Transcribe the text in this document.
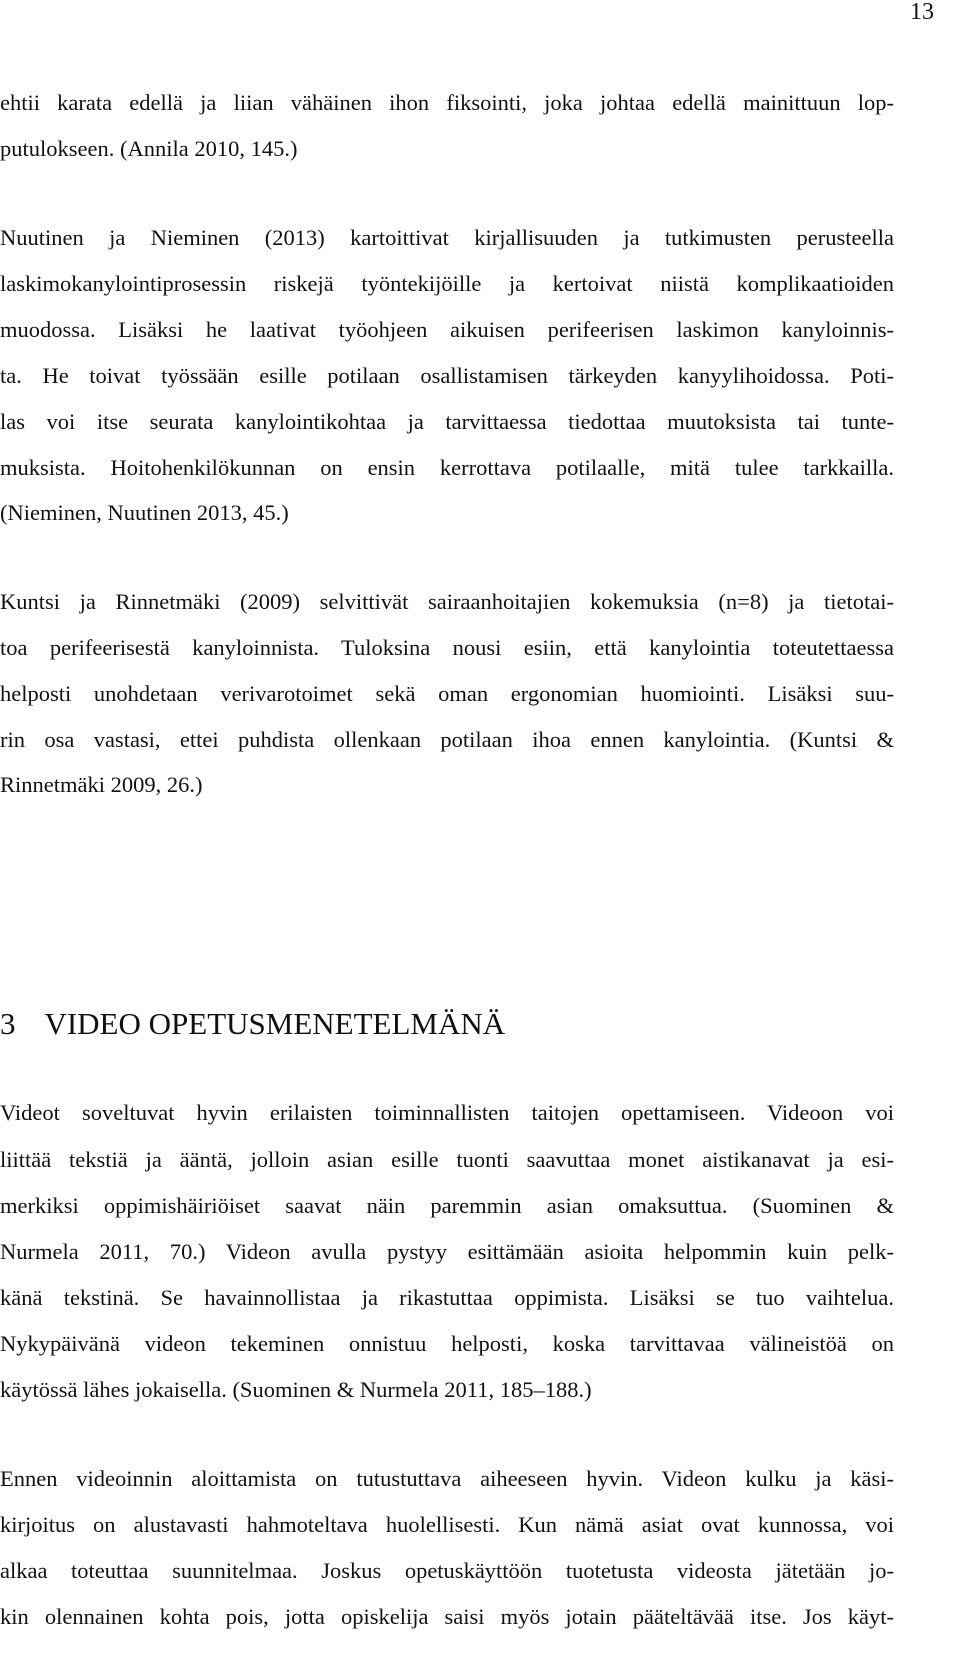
13
ehtii karata edellä ja liian vähäinen ihon fiksointi, joka johtaa edellä mainittuun lop-
putulokseen. (Annila 2010, 145.)
Nuutinen ja Nieminen (2013) kartoittivat kirjallisuuden ja tutkimusten perusteella
laskimokanylointiprosessin riskejä työntekijöille ja kertoivat niistä komplikaatioiden
muodossa. Lisäksi he laativat työohjeen aikuisen perifeerisen laskimon kanyloinnis-
ta. He toivat työssään esille potilaan osallistamisen tärkeyden kanyylihoidossa. Poti-
las voi itse seurata kanylointikohtaa ja tarvittaessa tiedottaa muutoksista tai tunte-
muksista. Hoitohenkilökunnan on ensin kerrottava potilaalle, mitä tulee tarkkailla.
(Nieminen, Nuutinen 2013, 45.)
Kuntsi ja Rinnetmäki (2009) selvittivät sairaanhoitajien kokemuksia (n=8) ja tietotai-
toa perifeerisestä kanyloinnista. Tuloksina nousi esiin, että kanylointia toteutettaessa
helposti unohdetaan verivarotoimet sekä oman ergonomian huomiointi. Lisäksi suu-
rin osa vastasi, ettei puhdista ollenkaan potilaan ihoa ennen kanylointia. (Kuntsi &
Rinnetmäki 2009, 26.)
3 VIDEO OPETUSMENETELMÄNÄ
Videot soveltuvat hyvin erilaisten toiminnallisten taitojen opettamiseen. Videoon voi
liittää tekstiä ja ääntä, jolloin asian esille tuonti saavuttaa monet aistikanavat ja esi-
merkiksi oppimishäiriöiset saavat näin paremmin asian omaksuttua. (Suominen &
Nurmela 2011, 70.) Videon avulla pystyy esittämään asioita helpommin kuin pelk-
känä tekstinä. Se havainnollistaa ja rikastuttaa oppimista. Lisäksi se tuo vaihtelua.
Nykypäivänä videon tekeminen onnistuu helposti, koska tarvittavaa välineistöä on
käytössä lähes jokaisella. (Suominen & Nurmela 2011, 185–188.)
Ennen videoinnin aloittamista on tutustuttava aiheeseen hyvin. Videon kulku ja käsi-
kirjoitus on alustavasti hahmoteltava huolellisesti. Kun nämä asiat ovat kunnossa, voi
alkaa toteuttaa suunnitelmaa. Joskus opetuskäyttöön tuotetusta videosta jätetään jo-
kin olennainen kohta pois, jotta opiskelija saisi myös jotain pääteltävää itse. Jos käyt-
